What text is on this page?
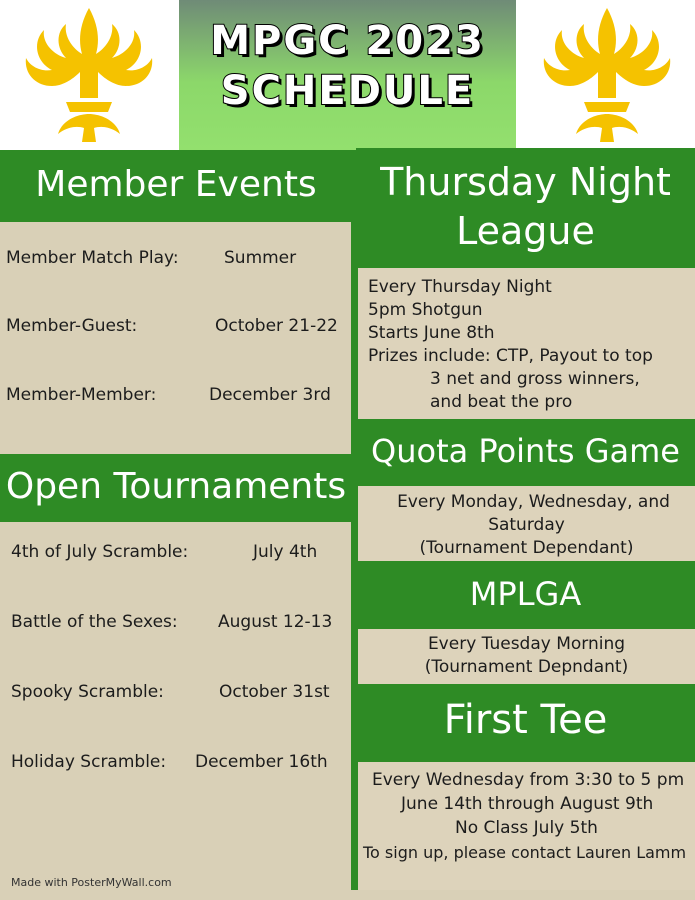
MPGC 2023
SCHEDULE
Member Events
Member Match Play:	Summer
Member-Guest:	October 21-22
Member-Member:	December 3rd
Open Tournaments
4th of July Scramble:	July 4th
Battle of the Sexes: August 12-13
Spooky Scramble:	October 31st
Holiday Scramble: December 16th
Thursday Night
League
Every Thursday Night
5pm Shotgun
Starts June 8th
Prizes include: CTP, Payout to top
3 net and gross winners,
and beat the pro
Quota Points Game
Every Monday, Wednesday, and
Saturday
(Tournament Dependant)
MPLGA
Every Tuesday Morning
(Tournament Depndant)
First Tee
Every Wednesday from 3:30 to 5 pm
June 14th through August 9th
No Class July 5th
To sign up, please contact Lauren Lamm
Made with PosterMyWall.com
